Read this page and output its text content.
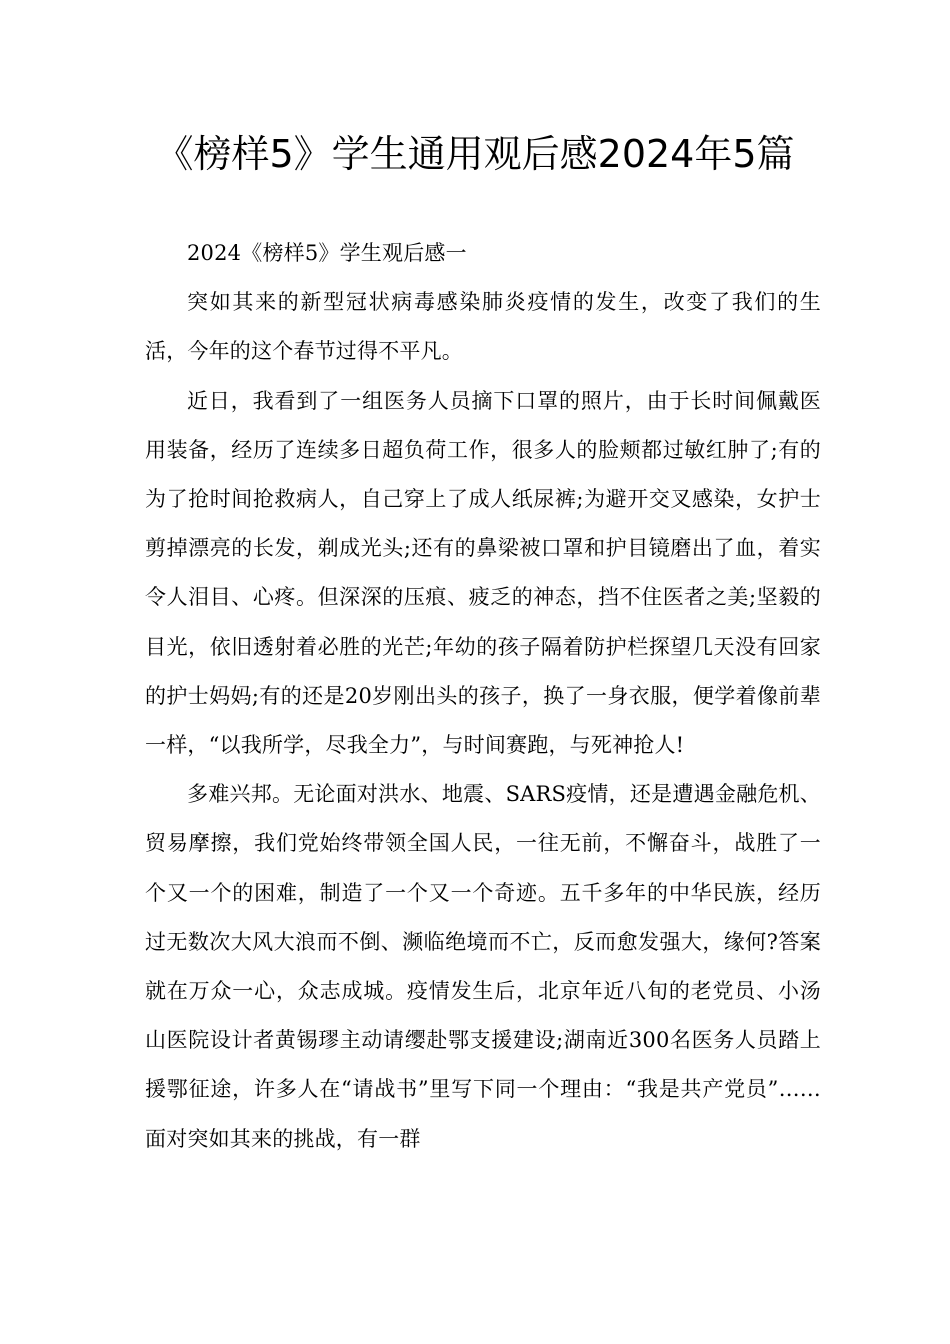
《榜样5》学生通用观后感2024年5篇

2024《榜样5》学生观后感一

突如其来的新型冠状病毒感染肺炎疫情的发生，改变了我们的生活，今年的这个春节过得不平凡。

近日，我看到了一组医务人员摘下口罩的照片，由于长时间佩戴医用装备，经历了连续多日超负荷工作，很多人的脸颊都过敏红肿了;有的为了抢时间抢救病人，自己穿上了成人纸尿裤;为避开交叉感染，女护士剪掉漂亮的长发，剃成光头;还有的鼻梁被口罩和护目镜磨出了血，着实令人泪目、心疼。但深深的压痕、疲乏的神态，挡不住医者之美;坚毅的目光，依旧透射着必胜的光芒;年幼的孩子隔着防护栏探望几天没有回家的护士妈妈;有的还是20岁刚出头的孩子，换了一身衣服，便学着像前辈一样，“以我所学，尽我全力”，与时间赛跑，与死神抢人!

多难兴邦。无论面对洪水、地震、SARS疫情，还是遭遇金融危机、贸易摩擦，我们党始终带领全国人民，一往无前，不懈奋斗，战胜了一个又一个的困难，制造了一个又一个奇迹。五千多年的中华民族，经历过无数次大风大浪而不倒、濒临绝境而不亡，反而愈发强大，缘何?答案就在万众一心，众志成城。疫情发生后，北京年近八旬的老党员、小汤山医院设计者黄锡璆主动请缨赴鄂支援建设;湖南近300名医务人员踏上援鄂征途，许多人在“请战书”里写下同一个理由：“我是共产党员”……面对突如其来的挑战，有一群
